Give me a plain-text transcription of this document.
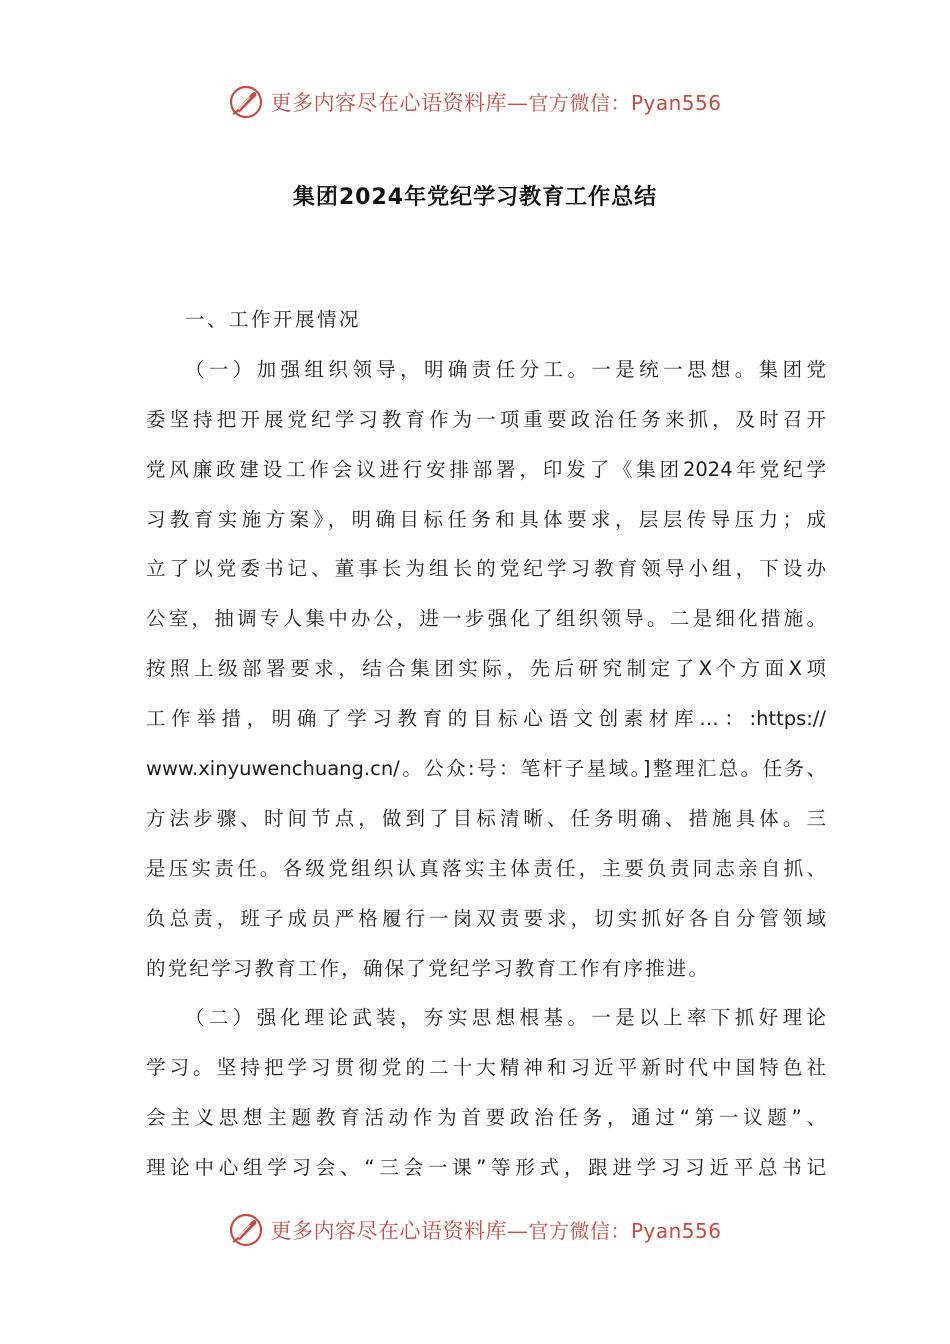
更多内容尽在心语资料库—官方微信：Pyan556
集团2024年党纪学习教育工作总结
一、工作开展情况
（一）加强组织领导，明确责任分工。一是统一思想。集团党
委坚持把开展党纪学习教育作为一项重要政治任务来抓，及时召开
党风廉政建设工作会议进行安排部署，印发了《集团2024年党纪学
习教育实施方案》，明确目标任务和具体要求，层层传导压力；成
立了以党委书记、董事长为组长的党纪学习教育领导小组，下设办
公室，抽调专人集中办公，进一步强化了组织领导。二是细化措施。
按照上级部署要求，结合集团实际，先后研究制定了X个方面X项
工作举措，明确了学习教育的目标心语文创素材库…：:https://
www.xinyuwenchuang.cn/。公众:号：笔杆子星域。]整理汇总。任务、
方法步骤、时间节点，做到了目标清晰、任务明确、措施具体。三
是压实责任。各级党组织认真落实主体责任，主要负责同志亲自抓、
负总责，班子成员严格履行一岗双责要求，切实抓好各自分管领域
的党纪学习教育工作，确保了党纪学习教育工作有序推进。
（二）强化理论武装，夯实思想根基。一是以上率下抓好理论
学习。坚持把学习贯彻党的二十大精神和习近平新时代中国特色社
会主义思想主题教育活动作为首要政治任务，通过“第一议题”、
理论中心组学习会、“三会一课”等形式，跟进学习习近平总书记
更多内容尽在心语资料库—官方微信：Pyan556
